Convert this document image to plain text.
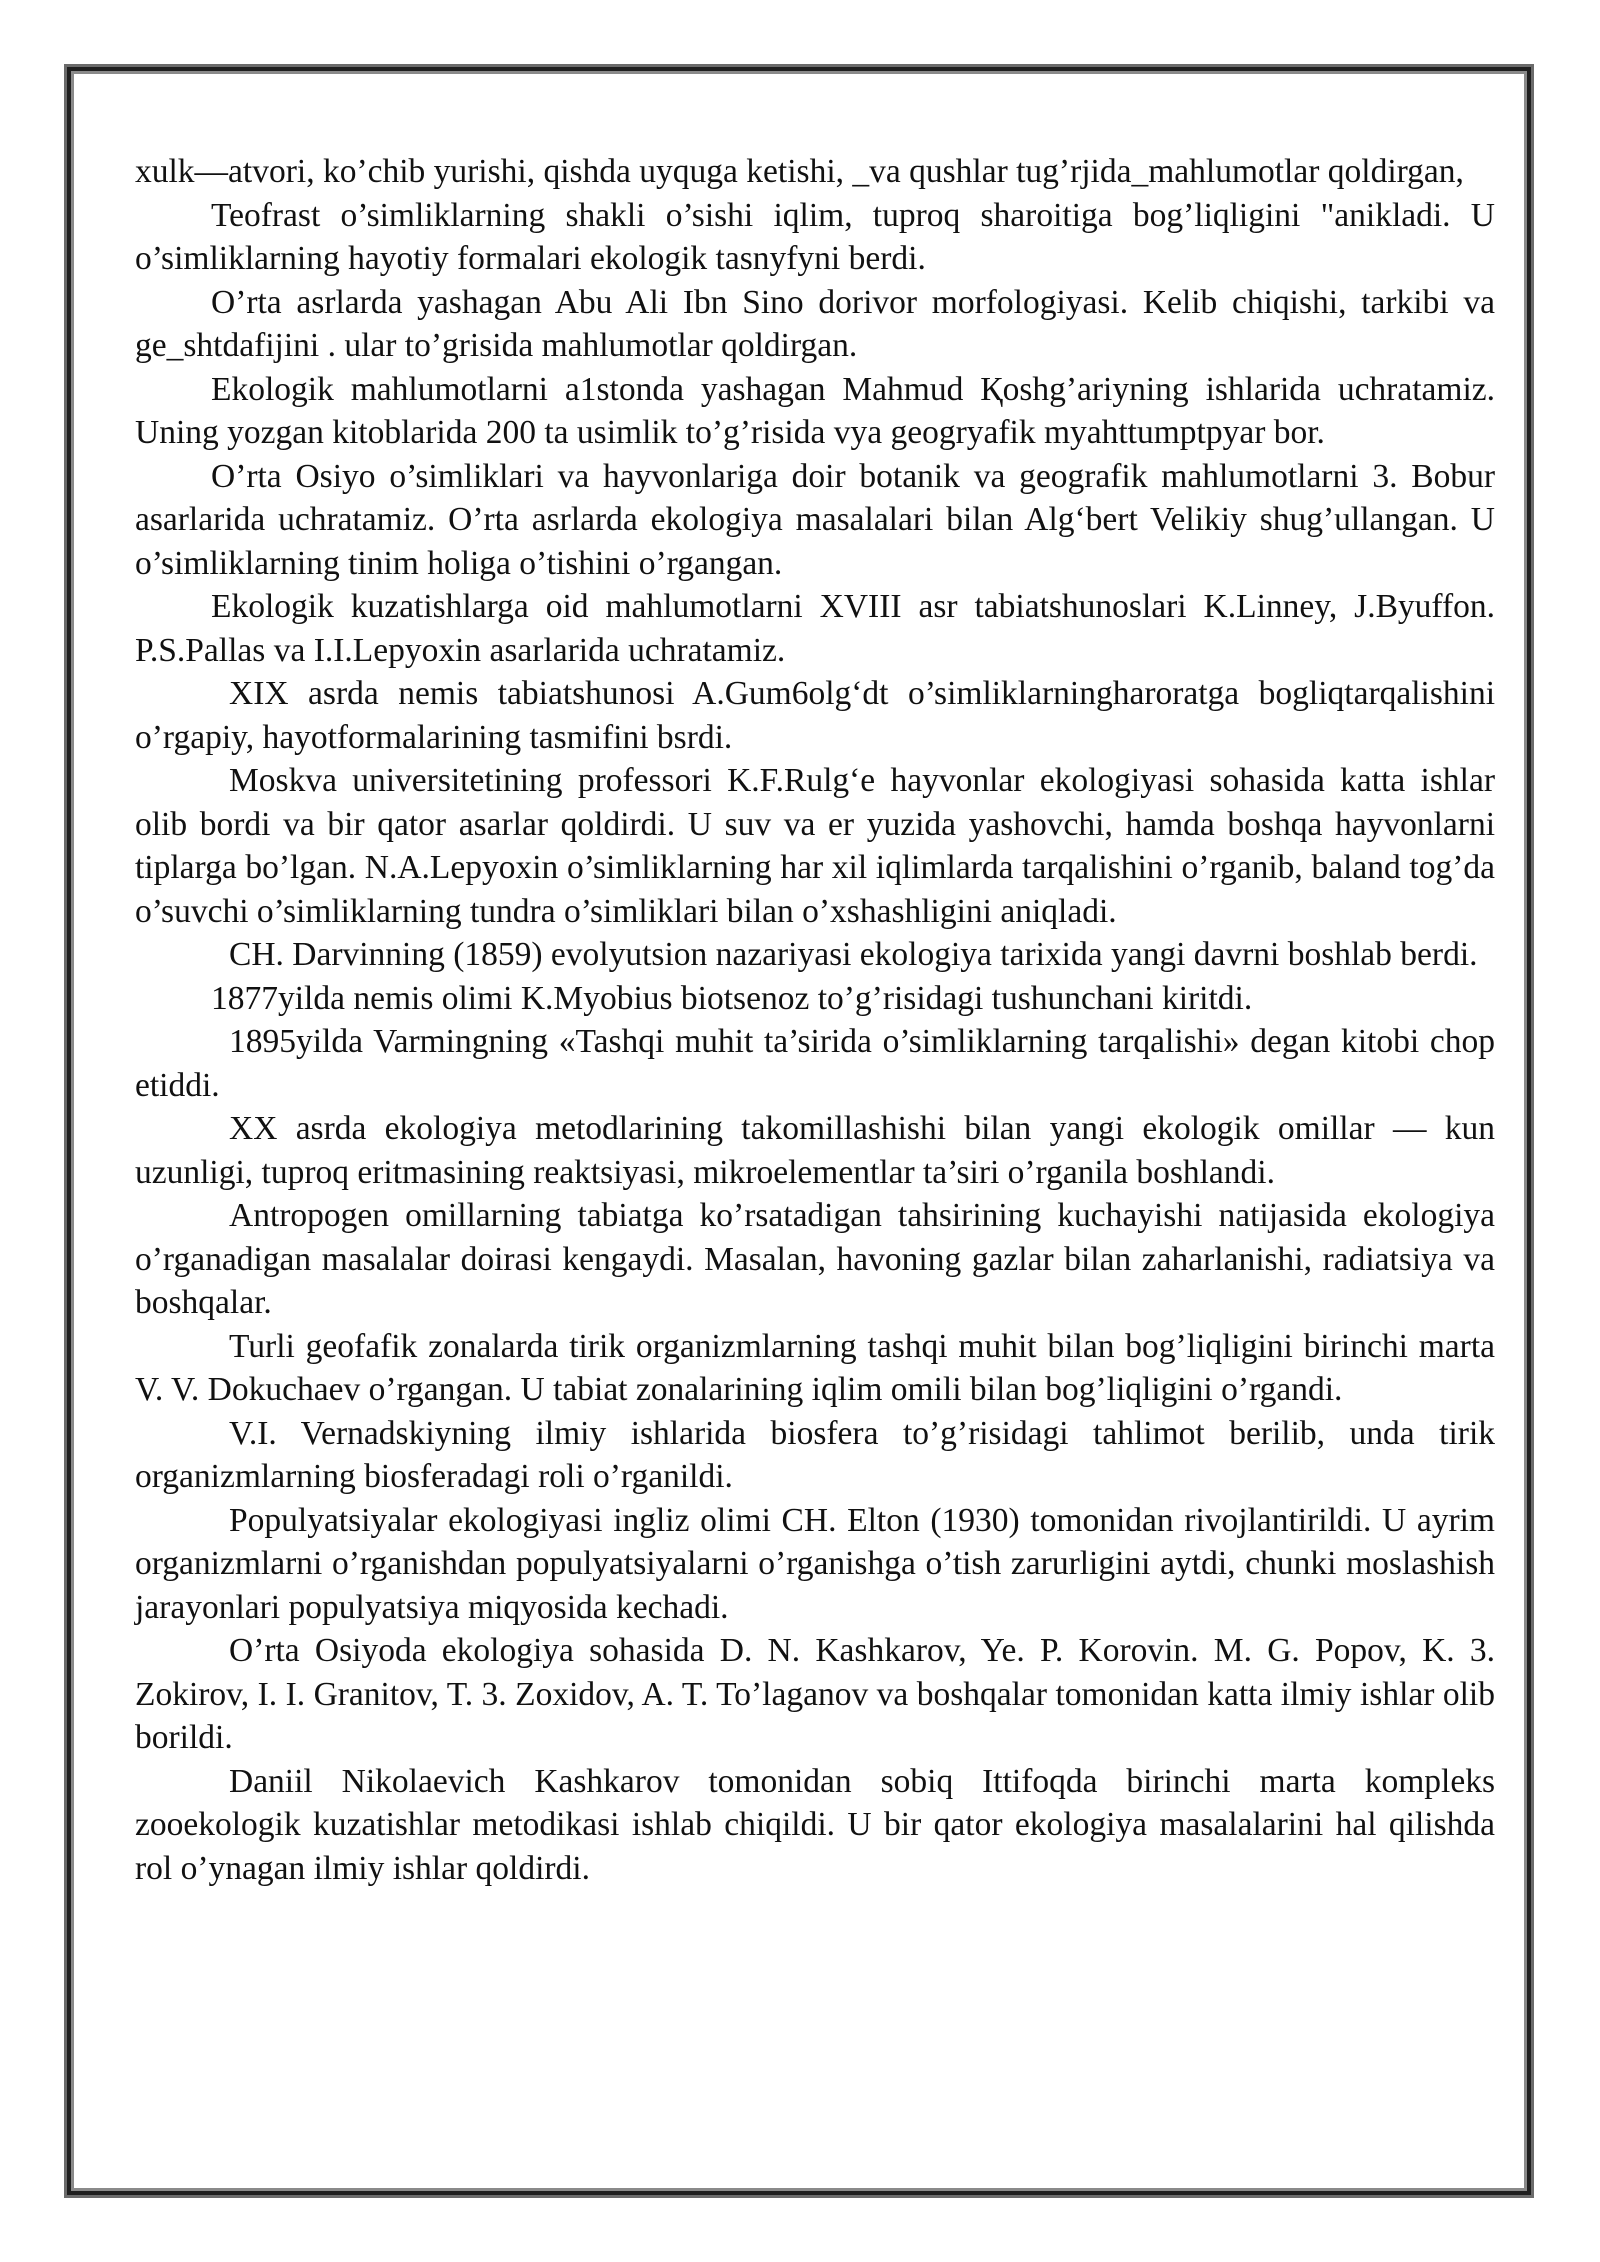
xulk—atvori, ko’chib yurishi, qishda uyquga ketishi, _va qushlar tug’rjida_mahlumotlar qoldirgan,

Teofrast o’simliklarning shakli o’sishi iqlim, tuproq sharoitiga bog’liqligini "anikladi. U o’simliklarning hayotiy formalari ekologik tasnyfyni berdi.

O’rta asrlarda yashagan Abu Ali Ibn Sino dorivor morfologiyasi. Kelib chiqishi, tarkibi va ge_shtdafijini . ular to’grisida mahlumotlar qoldirgan.

Ekologik mahlumotlarni a1stonda yashagan Mahmud Қoshg’ariyning ishlarida uchratamiz. Uning yozgan kitoblarida 200 ta usimlik to’g’risida vya geogryafik myahttumptpyar bor.

O’rta Osiyo o’simliklari va hayvonlariga doir botanik va geografik mahlumotlarni 3. Bobur asarlarida uchratamiz. O’rta asrlarda ekologiya masalalari bilan Alg‘bert Velikiy shug’ullangan. U o’simliklarning tinim holiga o’tishini o’rgangan.

Ekologik kuzatishlarga oid mahlumotlarni XVIII asr tabiatshunoslari K.Linney, J.Byuffon. P.S.Pallas va I.I.Lepyoxin asarlarida uchratamiz.

XIX asrda nemis tabiatshunosi A.Gum6olg‘dt o’simliklarningharoratga bogliqtarqalishini o’rgapiy, hayotformalarining tasmifini bsrdi.

Moskva universitetining professori K.F.Rulg‘e hayvonlar ekologiyasi sohasida katta ishlar olib bordi va bir qator asarlar qoldirdi. U suv va er yuzida yashovchi, hamda boshqa hayvonlarni tiplarga bo’lgan. N.A.Lepyoxin o’simliklarning har xil iqlimlarda tarqalishini o’rganib, baland tog’da o’suvchi o’simliklarning tundra o’simliklari bilan o’xshashligini aniqladi.

CH. Darvinning (1859) evolyutsion nazariyasi ekologiya tarixida yangi davrni boshlab berdi.

1877yilda nemis olimi K.Myobius biotsenoz to’g’risidagi tushunchani kiritdi.

1895yilda Varmingning «Tashqi muhit ta’sirida o’simliklarning tarqalishi» degan kitobi chop etiddi.

XX asrda ekologiya metodlarining takomillashishi bilan yangi ekologik omillar — kun uzunligi, tuproq eritmasining reaktsiyasi, mikroelementlar ta’siri o’rganila boshlandi.

Antropogen omillarning tabiatga ko’rsatadigan tahsirining kuchayishi natijasida ekologiya o’rganadigan masalalar doirasi kengaydi. Masalan, havoning gazlar bilan zaharlanishi, radiatsiya va boshqalar.

Turli geofafik zonalarda tirik organizmlarning tashqi muhit bilan bog’liqligini birinchi marta V. V. Dokuchaev o’rgangan. U tabiat zonalarining iqlim omili bilan bog’liqligini o’rgandi.

V.I. Vernadskiyning ilmiy ishlarida biosfera to’g’risidagi tahlimot berilib, unda tirik organizmlarning biosferadagi roli o’rganildi.

Populyatsiyalar ekologiyasi ingliz olimi CH. Elton (1930) tomonidan rivojlantirildi. U ayrim organizmlarni o’rganishdan populyatsiyalarni o’rganishga o’tish zarurligini aytdi, chunki moslashish jarayonlari populyatsiya miqyosida kechadi.

O’rta Osiyoda ekologiya sohasida D. N. Kashkarov, Ye. P. Korovin. M. G. Popov, K. 3. Zokirov, I. I. Granitov, T. 3. Zoxidov, A. T. To’laganov va boshqalar tomonidan katta ilmiy ishlar olib borildi.

Daniil Nikolaevich Kashkarov tomonidan sobiq Ittifoqda birinchi marta kompleks zooekologik kuzatishlar metodikasi ishlab chiqildi. U bir qator ekologiya masalalarini hal qilishda rol o’ynagan ilmiy ishlar qoldirdi.
